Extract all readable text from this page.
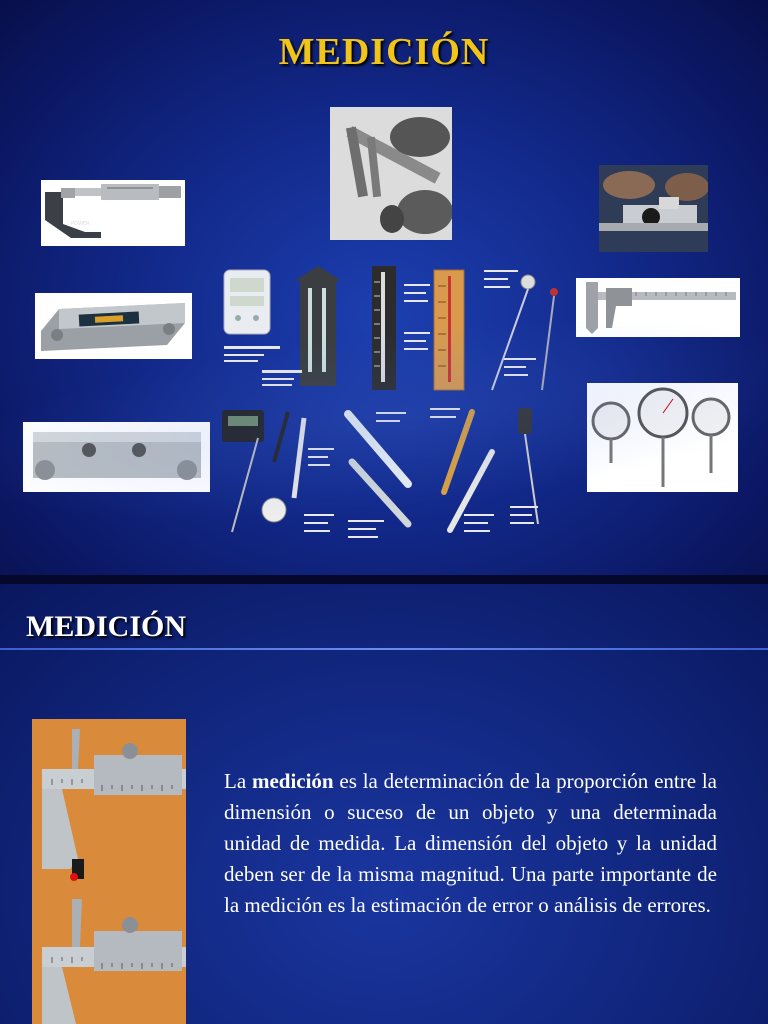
MEDICIÓN
POWER
MEDICIÓN
La medición es la determinación de la proporción entre la dimensión o suceso de un objeto y una determinada unidad de medida. La dimensión del objeto y la unidad deben ser de la misma magnitud. Una parte importante de la medición es la estimación de error o análisis de errores.
